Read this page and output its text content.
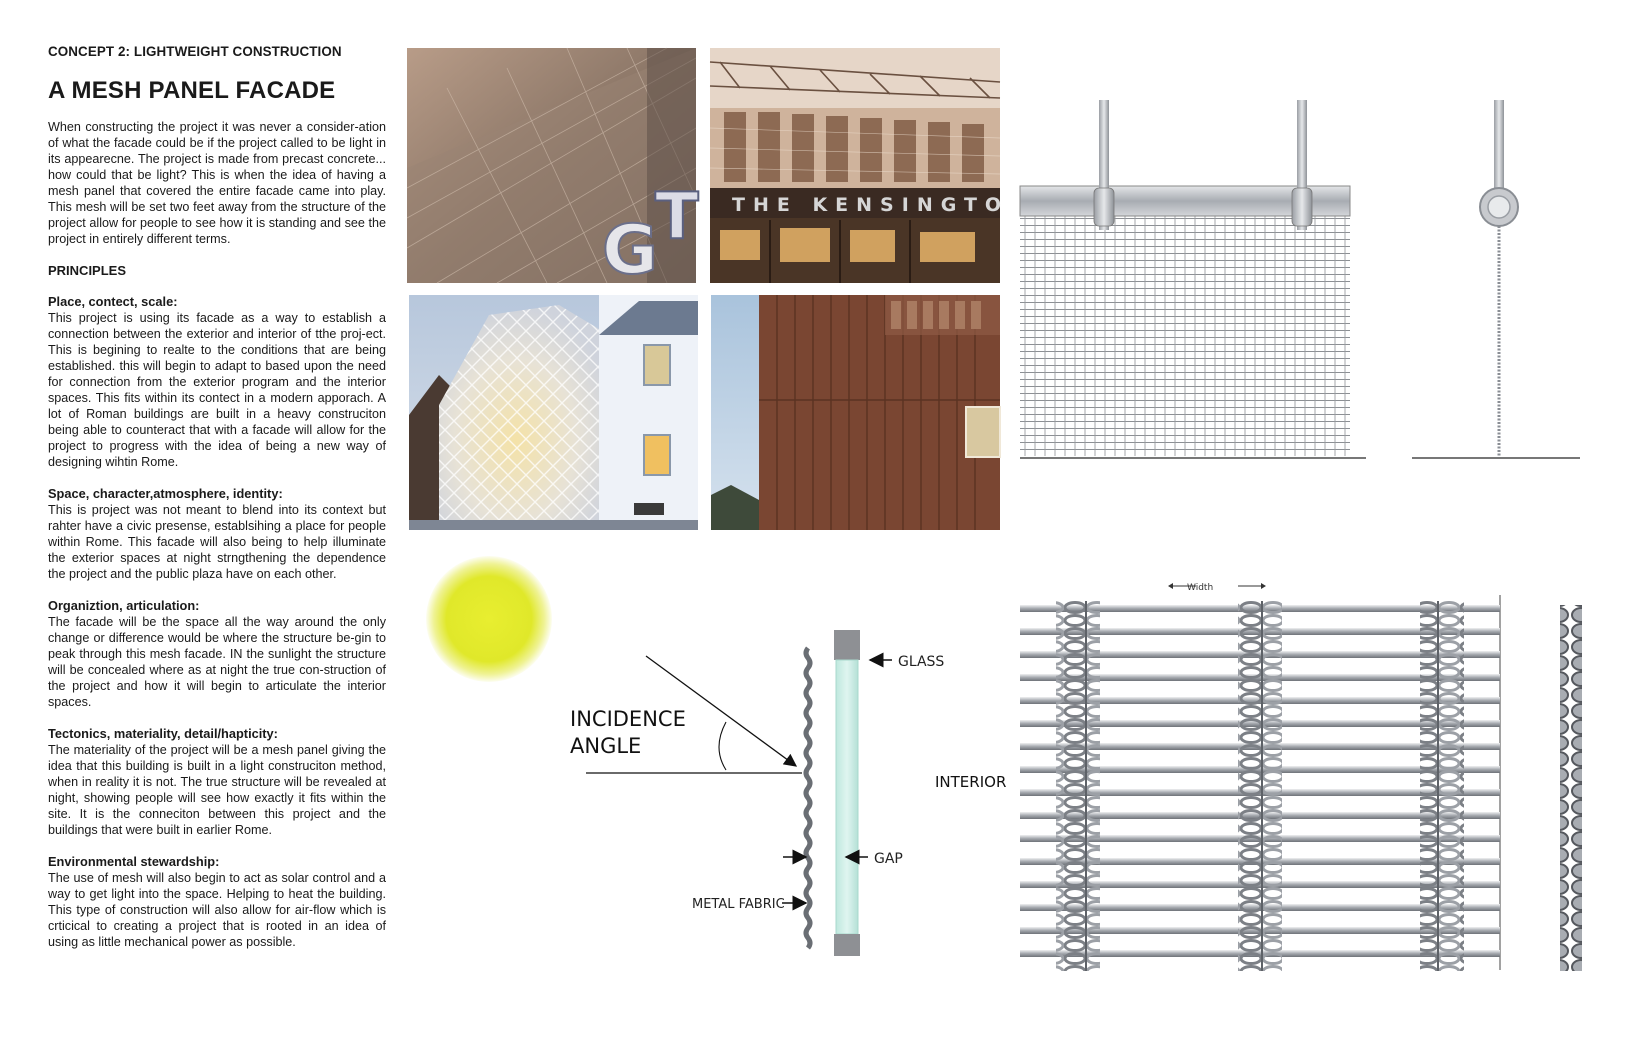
CONCEPT 2: LIGHTWEIGHT CONSTRUCTION
A MESH PANEL FACADE

When constructing the project it was never a consider-ation of what the facade could be if the project called to be light in its appearecne. The project is made from precast concrete... how could that be light? This is when the idea of having a mesh panel that covered the entire facade came into play. This mesh will be set two feet away from the structure of the project allow for people to see how it is standing and see the project in entirely different terms.

PRINCIPLES
Place, contect, scale:

This project is using its facade as a way to establish a connection between the exterior and interior of tthe proj-ect. This is begining to realte to the conditions that are being established. this will begin to adapt to based upon the need for connection from the exterior program and the interior spaces. This fits within its contect in a modern apporach. A lot of Roman buildings are built in a heavy construciton being able to counteract that with a facade will allow for the project to progress with the idea of being a new way of designing wihtin Rome.

Space, character,atmosphere, identity:

This is project was not meant to blend into its context but rahter have a civic presense, establsihing a place for people within Rome. This facade will also being to help illuminate the exterior spaces at night strngthening the dependence the project and the public plaza have on each other.

Organiztion, articulation:

The facade will be the space all the way around the only change or difference would be where the structure be-gin to peak through this mesh facade. IN the sunlight the structure will be concealed where as at night the true con-struction of the project and how it will begin to articulate the interior spaces.

Tectonics, materiality, detail/hapticity:

The materiality of the project will be a mesh panel giving the idea that this building is built in a light construciton method, when in reality it is not. The true structure will be revealed at night, showing people will see how exactly it fits within the site. It is the conneciton between this project and the buildings that were built in earlier Rome.

Environmental stewardship:

The use of mesh will also begin to act as solar control and a way to get light into the space. Helping to heat the building. This type of construction will also allow for air-flow which is crticical to creating a project that is rooted in an idea of using as little mechanical power as possible.

G
T THE KENSINGTO
INCIDENCE
ANGLE
GLASS
INTERIOR
GAP
METAL FABRIC
Width
